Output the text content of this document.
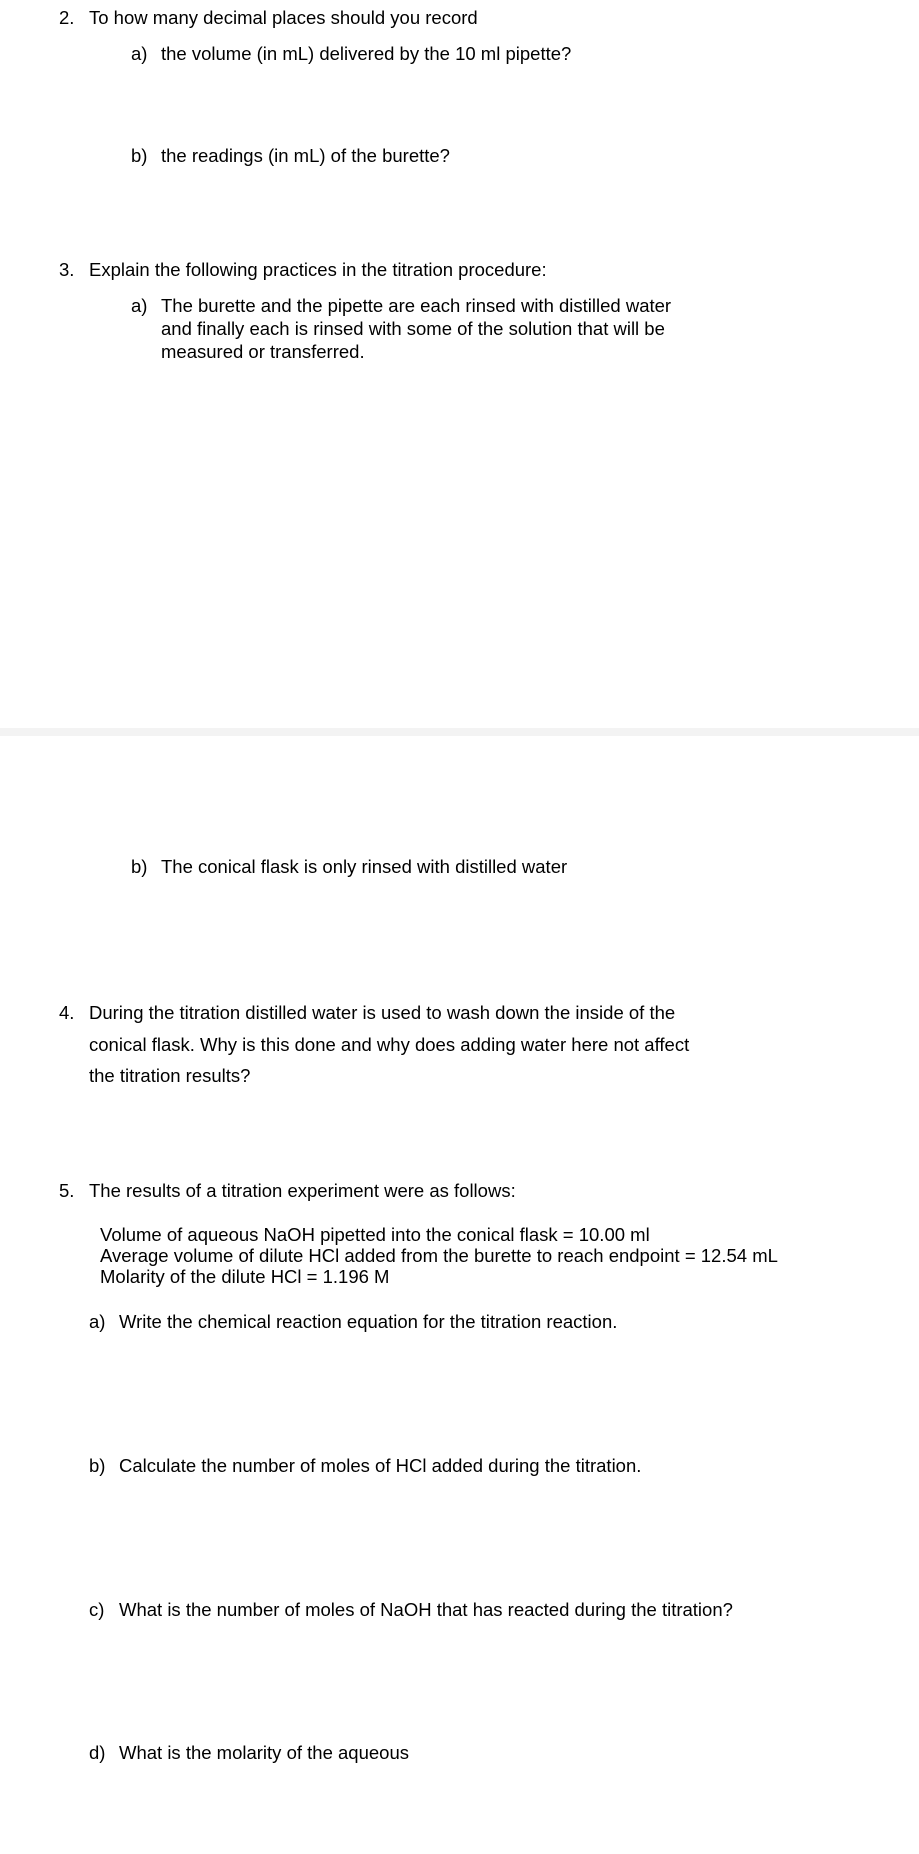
2. To how many decimal places should you record
a) the volume (in mL) delivered by the 10 ml pipette?
b) the readings (in mL) of the burette?
3. Explain the following practices in the titration procedure:
a) The burette and the pipette are each rinsed with distilled water
and finally each is rinsed with some of the solution that will be
measured or transferred.
b) The conical flask is only rinsed with distilled water
4. During the titration distilled water is used to wash down the inside of the
conical flask. Why is this done and why does adding water here not affect
the titration results?
5. The results of a titration experiment were as follows:
Volume of aqueous NaOH pipetted into the conical flask = 10.00 ml
Average volume of dilute HCl added from the burette to reach endpoint = 12.54 mL
Molarity of the dilute HCl = 1.196 M
a) Write the chemical reaction equation for the titration reaction.
b) Calculate the number of moles of HCl added during the titration.
c) What is the number of moles of NaOH that has reacted during the titration?
d) What is the molarity of the aqueous
